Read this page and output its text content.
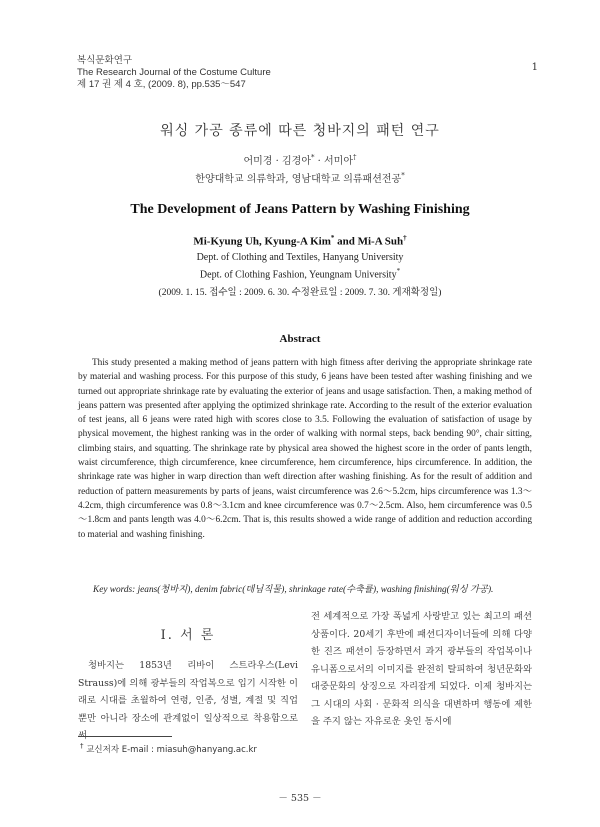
복식문화연구
The Research Journal of the Costume Culture
제 17 권 제 4 호, (2009. 8), pp.535～547
1
워싱 가공 종류에 따른 청바지의 패턴 연구
어미경 · 김경아* · 서미아†
한양대학교 의류학과, 영남대학교 의류패션전공*
The Development of Jeans Pattern by Washing Finishing
Mi-Kyung Uh, Kyung-A Kim* and Mi-A Suh†
Dept. of Clothing and Textiles, Hanyang University
Dept. of Clothing Fashion, Yeungnam University*
(2009. 1. 15. 접수일 : 2009. 6. 30. 수정완료일 : 2009. 7. 30. 게재확정일)
Abstract
This study presented a making method of jeans pattern with high fitness after deriving the appropriate shrinkage rate by material and washing process. For this purpose of this study, 6 jeans have been tested after washing finishing and we turned out appropriate shrinkage rate by evaluating the exterior of jeans and usage satisfaction. Then, a making method of jeans pattern was presented after applying the optimized shrinkage rate. According to the result of the exterior evaluation of test jeans, all 6 jeans were rated high with scores close to 3.5. Following the evaluation of satisfaction of usage by physical movement, the highest ranking was in the order of walking with normal steps, back bending 90°, chair sitting, climbing stairs, and squatting. The shrinkage rate by physical area showed the highest score in the order of pants length, waist circumference, thigh circumference, knee circumference, hem circumference, hips circumference. In addition, the shrinkage rate was higher in warp direction than weft direction after washing finishing. As for the result of addition and reduction of pattern measurements by parts of jeans, waist circumference was 2.6～5.2cm, hips circumference was 1.3～4.2cm, thigh circumference was 0.8～3.1cm and knee circumference was 0.7～2.5cm. Also, hem circumference was 0.5～1.8cm and pants length was 4.0～6.2cm. That is, this results showed a wide range of addition and reduction according to material and washing finishing.
Key words: jeans(청바지), denim fabric(데님직물), shrinkage rate(수축률), washing finishing(워싱 가공).
Ⅰ. 서 론
청바지는 1853년 리바이 스트라우스(Levi Strauss)에 의해 광부들의 작업복으로 입기 시작한 이래로 시대를 초월하여 연령, 인종, 성별, 계절 및 직업뿐만 아니라 장소에 관계없이 일상적으로 착용함으로써
전 세계적으로 가장 폭넓게 사랑받고 있는 최고의 패션 상품이다. 20세기 후반에 패션디자이너들에 의해 다양한 진즈 패션이 등장하면서 과거 광부들의 작업복이나 유니폼으로서의 이미지를 완전히 탈피하여 청년문화와 대중문화의 상징으로 자리잡게 되었다. 이제 청바지는 그 시대의 사회 · 문화적 의식을 대변하며 행동에 제한을 주지 않는 자유로운 옷인 동시에
† 교신저자 E-mail : miasuh@hanyang.ac.kr
－ 535 －
